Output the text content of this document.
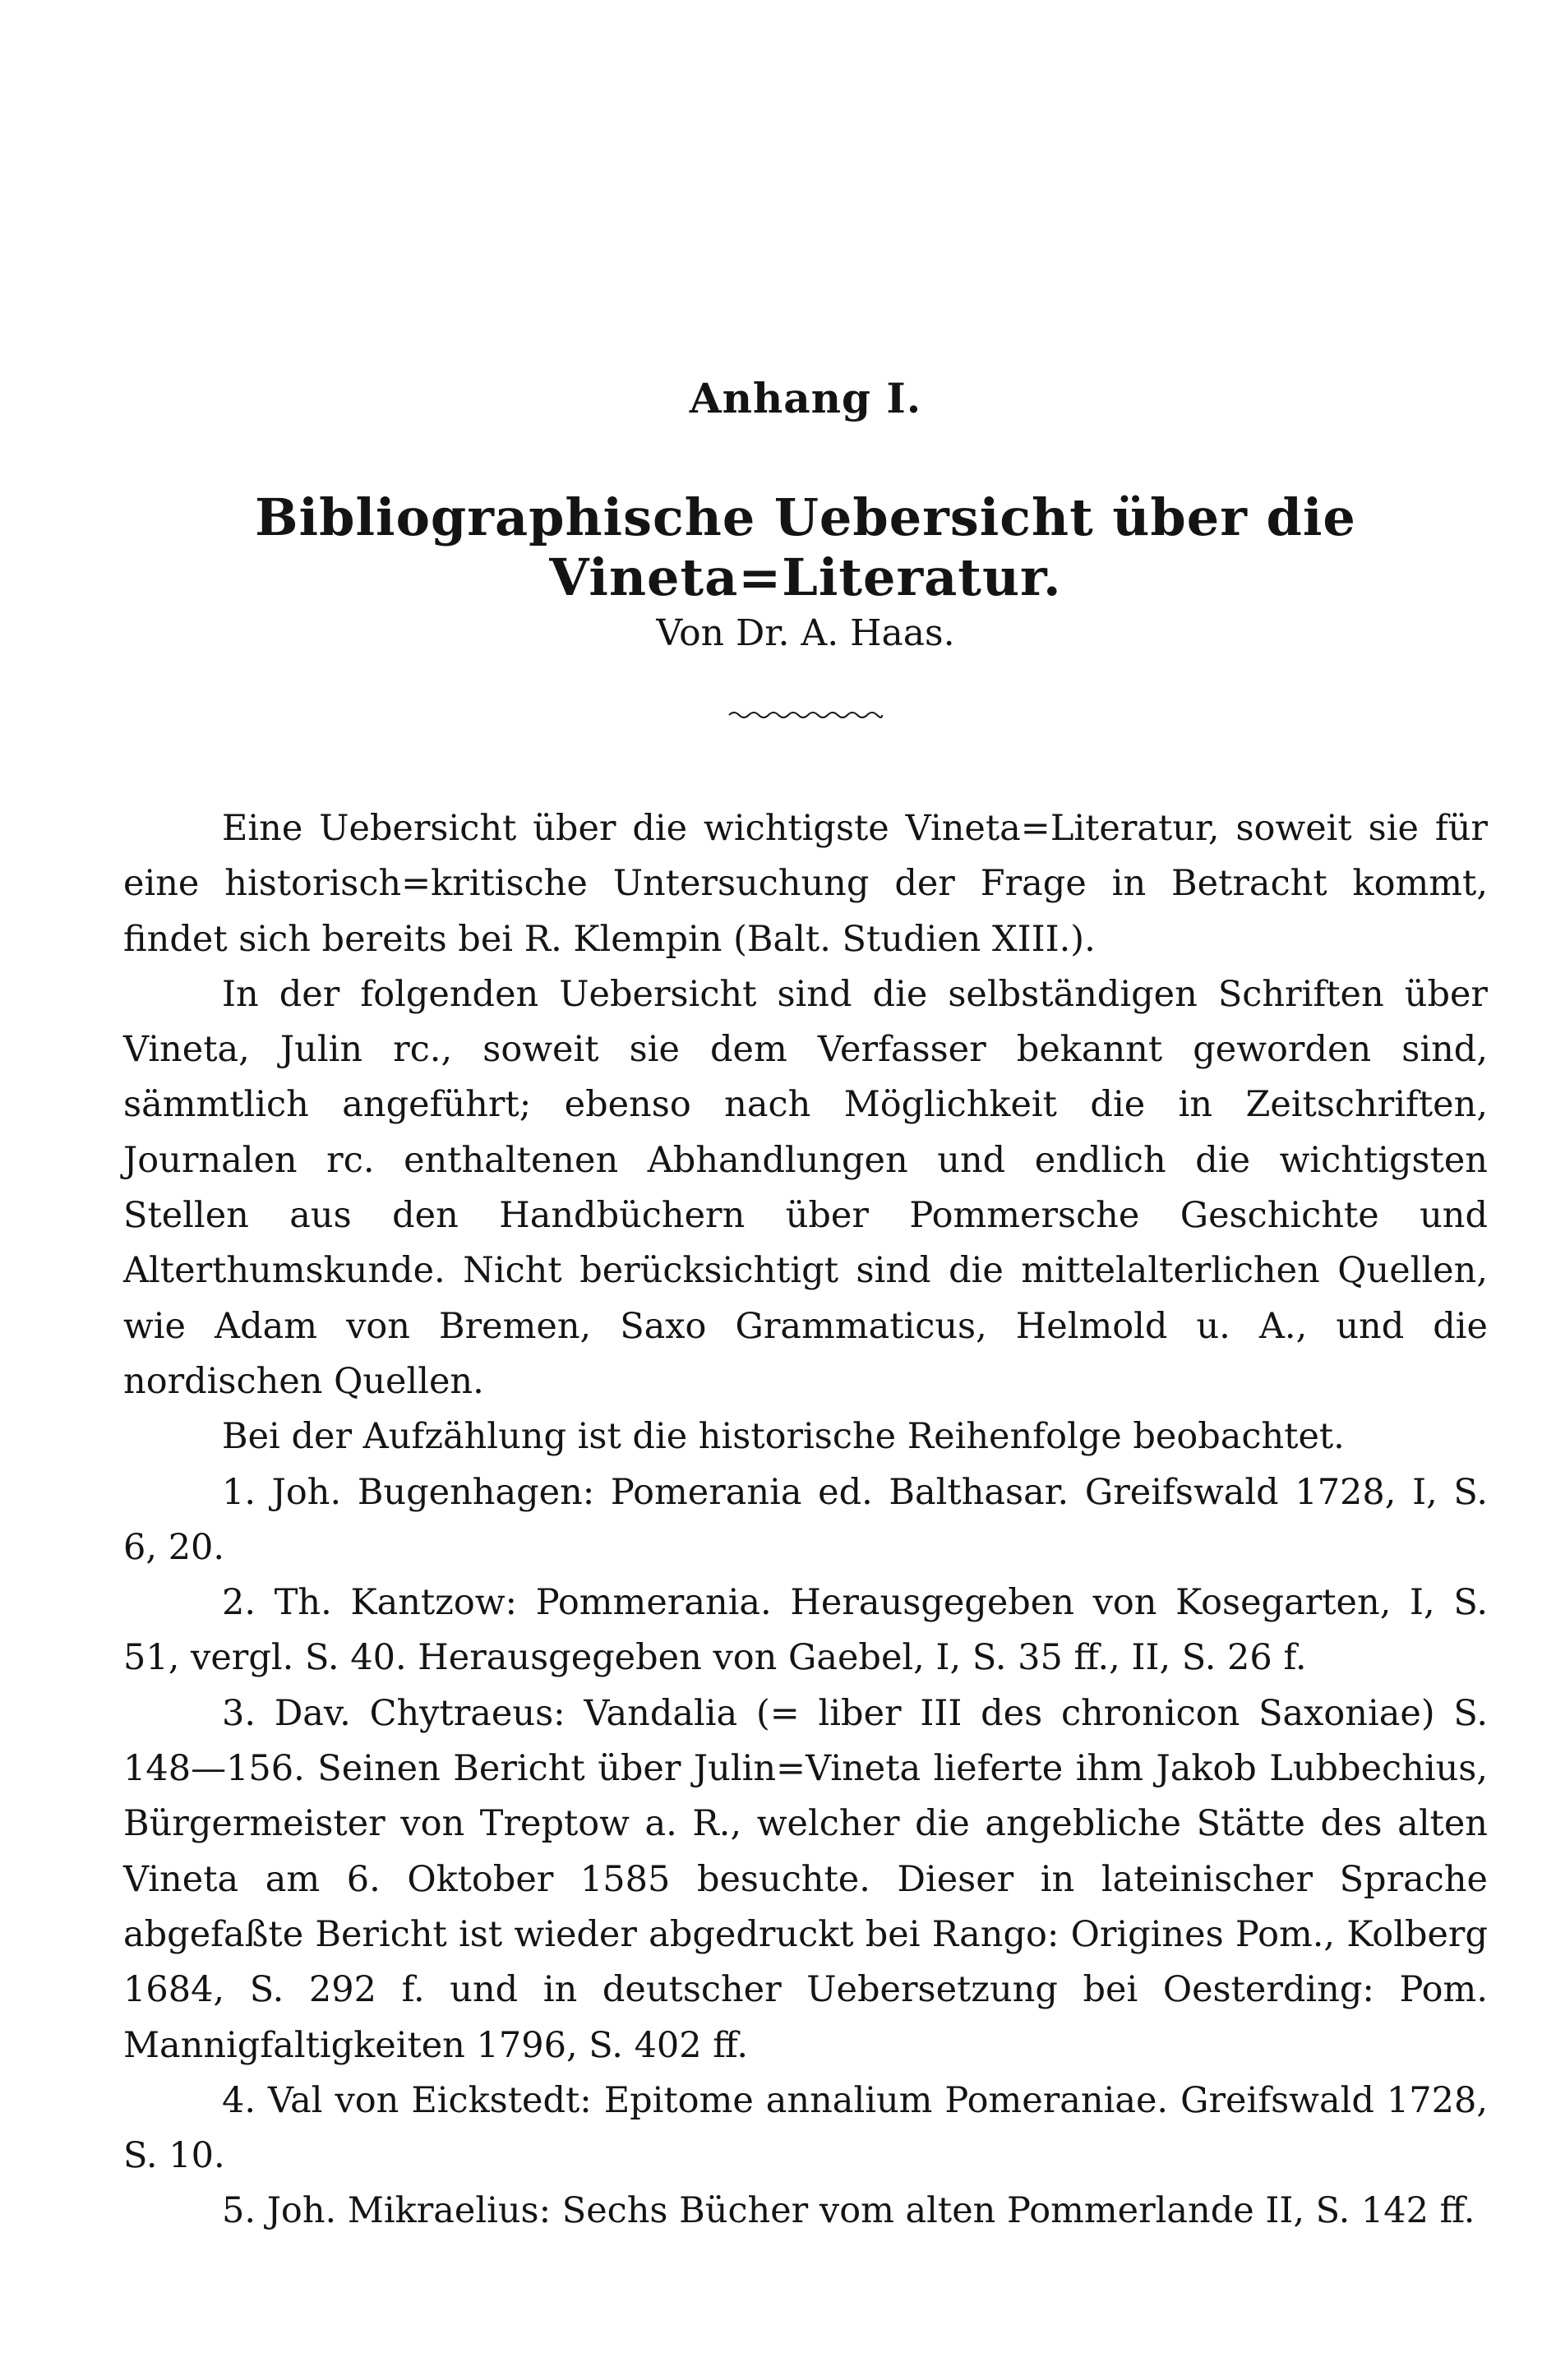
Anhang I.
Bibliographische Uebersicht über die Vineta=Literatur.
Von Dr. A. Haas.

Eine Uebersicht über die wichtigste Vineta=Literatur, soweit sie für eine historisch=kritische Untersuchung der Frage in Betracht kommt, findet sich bereits bei R. Klempin (Balt. Studien XIII.).

In der folgenden Uebersicht sind die selbständigen Schriften über Vineta, Julin rc., soweit sie dem Verfasser bekannt geworden sind, sämmtlich angeführt; ebenso nach Möglichkeit die in Zeitschriften, Journalen rc. enthaltenen Abhandlungen und endlich die wichtigsten Stellen aus den Handbüchern über Pommersche Geschichte und Alterthumskunde. Nicht berücksichtigt sind die mittelalterlichen Quellen, wie Adam von Bremen, Saxo Grammaticus, Helmold u. A., und die nordischen Quellen.

Bei der Aufzählung ist die historische Reihenfolge beobachtet.

1. Joh. Bugenhagen: Pomerania ed. Balthasar. Greifswald 1728, I, S. 6, 20.

2. Th. Kantzow: Pommerania. Herausgegeben von Kosegarten, I, S. 51, vergl. S. 40. Herausgegeben von Gaebel, I, S. 35 ff., II, S. 26 f.

3. Dav. Chytraeus: Vandalia (= liber III des chronicon Saxoniae) S. 148—156. Seinen Bericht über Julin=Vineta lieferte ihm Jakob Lubbechius, Bürgermeister von Treptow a. R., welcher die angebliche Stätte des alten Vineta am 6. Oktober 1585 besuchte. Dieser in lateinischer Sprache abgefaßte Bericht ist wieder abgedruckt bei Rango: Origines Pom., Kolberg 1684, S. 292 f. und in deutscher Uebersetzung bei Oesterding: Pom. Mannigfaltigkeiten 1796, S. 402 ff.

4. Val von Eickstedt: Epitome annalium Pomeraniae. Greifswald 1728, S. 10.

5. Joh. Mikraelius: Sechs Bücher vom alten Pommerlande II, S. 142 ff.
